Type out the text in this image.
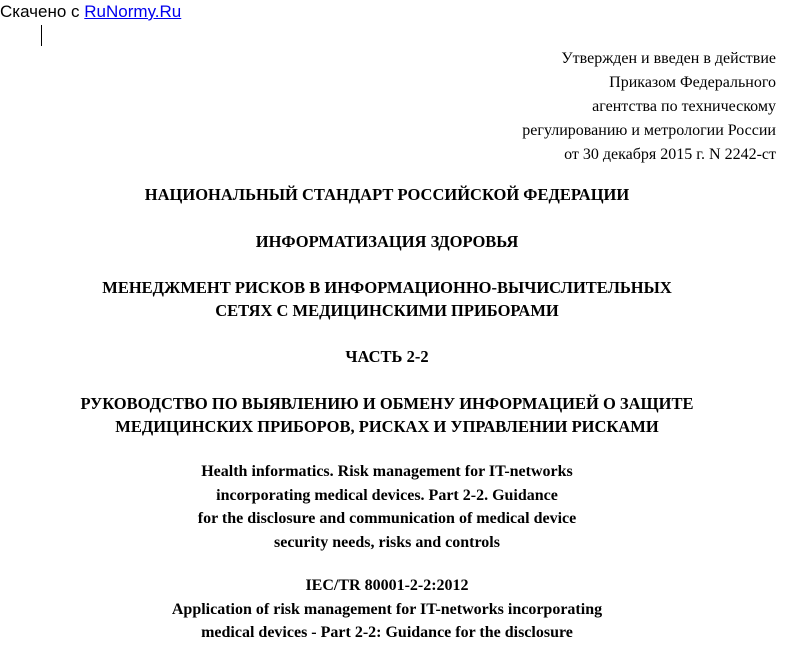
Скачено с RuNormy.Ru
Утвержден и введен в действие
Приказом Федерального
агентства по техническому
регулированию и метрологии России
от 30 декабря 2015 г. N 2242-ст
НАЦИОНАЛЬНЫЙ СТАНДАРТ РОССИЙСКОЙ ФЕДЕРАЦИИ
ИНФОРМАТИЗАЦИЯ ЗДОРОВЬЯ
МЕНЕДЖМЕНТ РИСКОВ В ИНФОРМАЦИОННО-ВЫЧИСЛИТЕЛЬНЫХ
СЕТЯХ С МЕДИЦИНСКИМИ ПРИБОРАМИ
ЧАСТЬ 2-2
РУКОВОДСТВО ПО ВЫЯВЛЕНИЮ И ОБМЕНУ ИНФОРМАЦИЕЙ О ЗАЩИТЕ
МЕДИЦИНСКИХ ПРИБОРОВ, РИСКАХ И УПРАВЛЕНИИ РИСКАМИ
Health informatics. Risk management for IT-networks
incorporating medical devices. Part 2-2. Guidance
for the disclosure and communication of medical device
security needs, risks and controls
IEC/TR 80001-2-2:2012
Application of risk management for IT-networks incorporating
medical devices - Part 2-2: Guidance for the disclosure
